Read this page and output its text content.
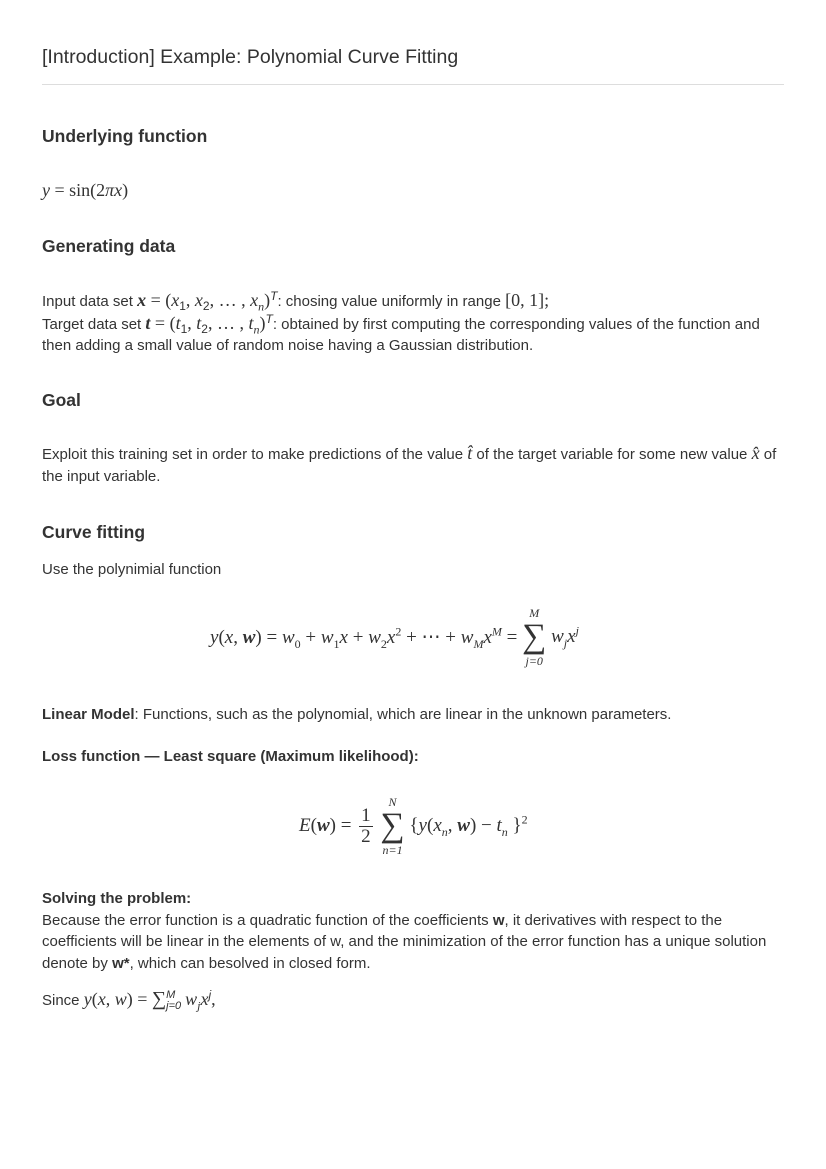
[Introduction] Example: Polynomial Curve Fitting
Underlying function
y = sin(2πx)
Generating data
Input data set $x = (x_1$, $x_2$, … , $x_n)^T$: chosing value uniformly in range [0, 1];
Target data set $t = (t_1$, $t_2$, … , $t_n)^T$: obtained by first computing the corresponding values of the function and then adding a small value of random noise having a Gaussian distribution.
Goal
Exploit this training set in order to make predictions of the value t̂ of the target variable for some new value x̂ of the input variable.
Curve fitting
Use the polynimial function
y(x, $w) = w_0 + w_1x + w_2x^2$ + ⋯ + $w_Mx^M$ =
M
∑
j=0
$w_jx^j$
Linear Model: Functions, such as the polynomial, which are linear in the unknown parameters.
Loss function — Least square (Maximum likelihood):
$E(w) = \frac{1}{2}$

N
∑
n=1
{$y(x_n$, $w) - t_n$ }$^2$
Solving the problem:
Because the error function is a quadratic function of the coefficients w, it derivatives with respect to the coefficients will be linear in the elements of w, and the minimization of the error function has a unique solution denote by w*, which can besolved in closed form.
Since y(x, w) = ∑ M
j=0 $w_jx^j$,
